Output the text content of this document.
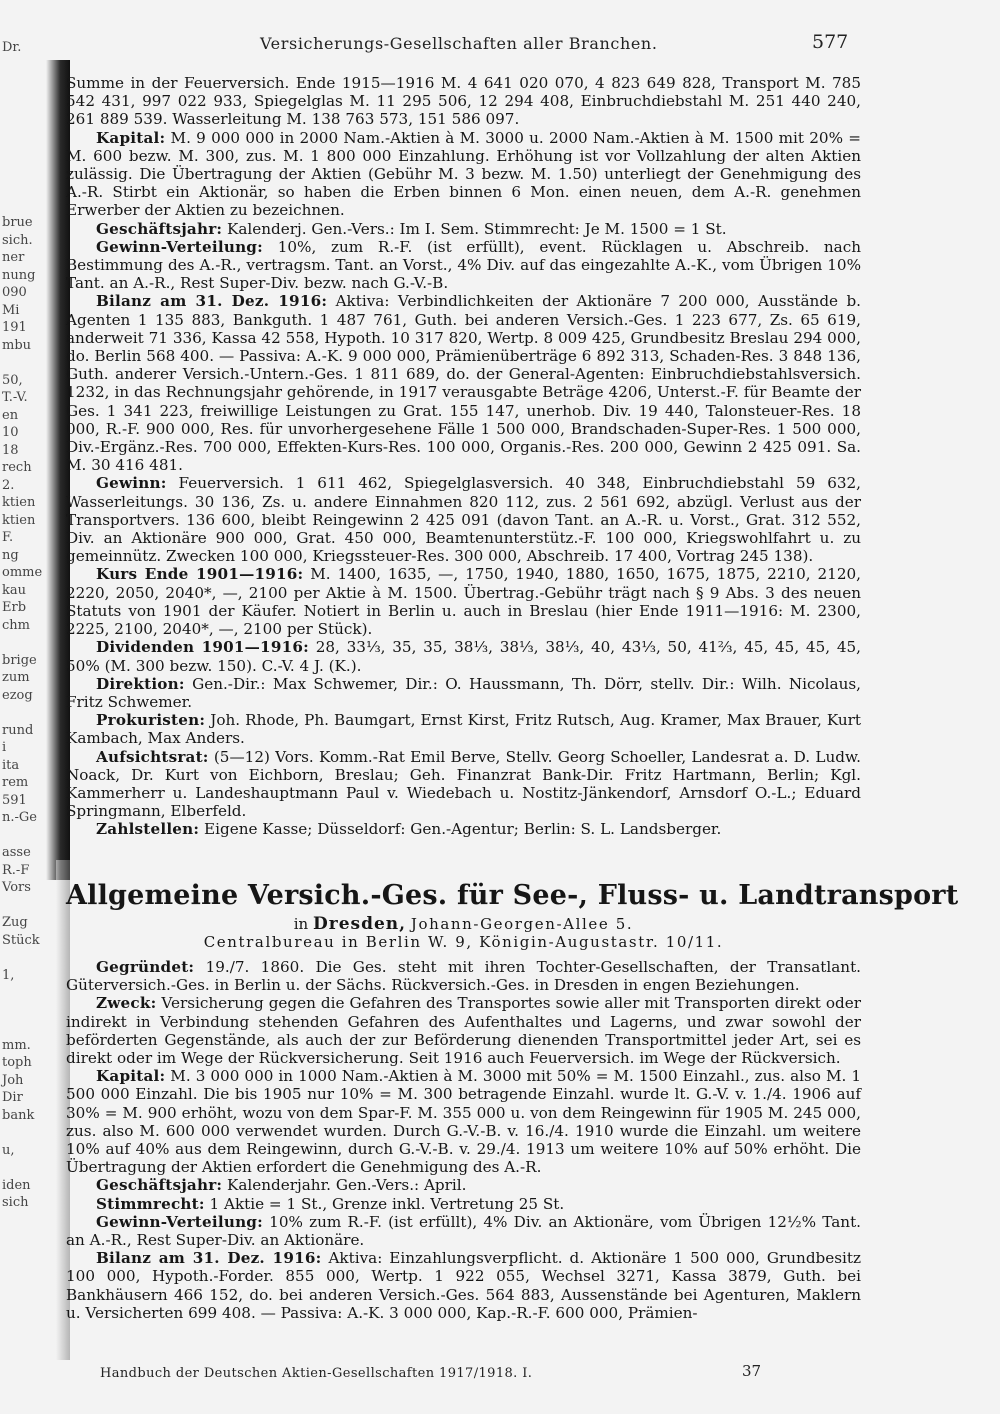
Dr.
brue
sich.
ner
nung
090
Mi
191
mbu
50,
T.-V.
en
10
18
rech
2.
ktien
ktien
F.
ng
omme
kau
Erb
chm
brige
zum
ezog
rund
i
ita
rem
591
n.-Ge
asse
R.-F
Vors
Zug
Stück
1,
mm.
toph
Joh
Dir
bank
u,
iden
sich
Versicherungs-Gesellschaften aller Branchen.	577

Summe in der Feuerversich. Ende 1915—1916 M. 4 641 020 070, 4 823 649 828, Transport M. 785 542 431, 997 022 933, Spiegelglas M. 11 295 506, 12 294 408, Einbruchdiebstahl M. 251 440 240, 261 889 539. Wasserleitung M. 138 763 573, 151 586 097.

Kapital: M. 9 000 000 in 2000 Nam.-Aktien à M. 3000 u. 2000 Nam.-Aktien à M. 1500 mit 20% = M. 600 bezw. M. 300, zus. M. 1 800 000 Einzahlung. Erhöhung ist vor Vollzahlung der alten Aktien zulässig. Die Übertragung der Aktien (Gebühr M. 3 bezw. M. 1.50) unterliegt der Genehmigung des A.-R. Stirbt ein Aktionär, so haben die Erben binnen 6 Mon. einen neuen, dem A.-R. genehmen Erwerber der Aktien zu bezeichnen.

Geschäftsjahr: Kalenderj. Gen.-Vers.: Im I. Sem. Stimmrecht: Je M. 1500 = 1 St.

Gewinn-Verteilung: 10%, zum R.-F. (ist erfüllt), event. Rücklagen u. Abschreib. nach Bestimmung des A.-R., vertragsm. Tant. an Vorst., 4% Div. auf das eingezahlte A.-K., vom Übrigen 10% Tant. an A.-R., Rest Super-Div. bezw. nach G.-V.-B.

Bilanz am 31. Dez. 1916: Aktiva: Verbindlichkeiten der Aktionäre 7 200 000, Ausstände b. Agenten 1 135 883, Bankguth. 1 487 761, Guth. bei anderen Versich.-Ges. 1 223 677, Zs. 65 619, anderweit 71 336, Kassa 42 558, Hypoth. 10 317 820, Wertp. 8 009 425, Grundbesitz Breslau 294 000, do. Berlin 568 400. — Passiva: A.-K. 9 000 000, Prämienüberträge 6 892 313, Schaden-Res. 3 848 136, Guth. anderer Versich.-Untern.-Ges. 1 811 689, do. der General-Agenten: Einbruchdiebstahlsversich. 1232, in das Rechnungsjahr gehörende, in 1917 verausgabte Beträge 4206, Unterst.-F. für Beamte der Ges. 1 341 223, freiwillige Leistungen zu Grat. 155 147, unerhob. Div. 19 440, Talonsteuer-Res. 18 000, R.-F. 900 000, Res. für unvorhergesehene Fälle 1 500 000, Brandschaden-Super-Res. 1 500 000, Div.-Ergänz.-Res. 700 000, Effekten-Kurs-Res. 100 000, Organis.-Res. 200 000, Gewinn 2 425 091. Sa. M. 30 416 481.

Gewinn: Feuerversich. 1 611 462, Spiegelglasversich. 40 348, Einbruchdiebstahl 59 632, Wasserleitungs. 30 136, Zs. u. andere Einnahmen 820 112, zus. 2 561 692, abzügl. Verlust aus der Transportvers. 136 600, bleibt Reingewinn 2 425 091 (davon Tant. an A.-R. u. Vorst., Grat. 312 552, Div. an Aktionäre 900 000, Grat. 450 000, Beamtenunterstütz.-F. 100 000, Kriegswohlfahrt u. zu gemeinnütz. Zwecken 100 000, Kriegssteuer-Res. 300 000, Abschreib. 17 400, Vortrag 245 138).

Kurs Ende 1901—1916: M. 1400, 1635, —, 1750, 1940, 1880, 1650, 1675, 1875, 2210, 2120, 2220, 2050, 2040*, —, 2100 per Aktie à M. 1500. Übertrag.-Gebühr trägt nach § 9 Abs. 3 des neuen Statuts von 1901 der Käufer. Notiert in Berlin u. auch in Breslau (hier Ende 1911—1916: M. 2300, 2225, 2100, 2040*, —, 2100 per Stück).

Dividenden 1901—1916: 28, 33⅓, 35, 35, 38⅓, 38⅓, 38⅓, 40, 43⅓, 50, 41⅔, 45, 45, 45, 45, 50% (M. 300 bezw. 150). C.-V. 4 J. (K.).

Direktion: Gen.-Dir.: Max Schwemer, Dir.: O. Haussmann, Th. Dörr, stellv. Dir.: Wilh. Nicolaus, Fritz Schwemer.

Prokuristen: Joh. Rhode, Ph. Baumgart, Ernst Kirst, Fritz Rutsch, Aug. Kramer, Max Brauer, Kurt Kambach, Max Anders.

Aufsichtsrat: (5—12) Vors. Komm.-Rat Emil Berve, Stellv. Georg Schoeller, Landesrat a. D. Ludw. Noack, Dr. Kurt von Eichborn, Breslau; Geh. Finanzrat Bank-Dir. Fritz Hartmann, Berlin; Kgl. Kammerherr u. Landeshauptmann Paul v. Wiedebach u. Nostitz-Jänkendorf, Arnsdorf O.-L.; Eduard Springmann, Elberfeld.

Zahlstellen: Eigene Kasse; Düsseldorf: Gen.-Agentur; Berlin: S. L. Landsberger.

Allgemeine Versich.-Ges. für See-, Fluss- u. Landtransport
in Dresden, Johann-Georgen-Allee 5.
Centralbureau in Berlin W. 9, Königin-Augustastr. 10/11.

Gegründet: 19./7. 1860. Die Ges. steht mit ihren Tochter-Gesellschaften, der Transatlant. Güterversich.-Ges. in Berlin u. der Sächs. Rückversich.-Ges. in Dresden in engen Beziehungen.

Zweck: Versicherung gegen die Gefahren des Transportes sowie aller mit Transporten direkt oder indirekt in Verbindung stehenden Gefahren des Aufenthaltes und Lagerns, und zwar sowohl der beförderten Gegenstände, als auch der zur Beförderung dienenden Transportmittel jeder Art, sei es direkt oder im Wege der Rückversicherung. Seit 1916 auch Feuerversich. im Wege der Rückversich.

Kapital: M. 3 000 000 in 1000 Nam.-Aktien à M. 3000 mit 50% = M. 1500 Einzahl., zus. also M. 1 500 000 Einzahl. Die bis 1905 nur 10% = M. 300 betragende Einzahl. wurde lt. G.-V. v. 1./4. 1906 auf 30% = M. 900 erhöht, wozu von dem Spar-F. M. 355 000 u. von dem Reingewinn für 1905 M. 245 000, zus. also M. 600 000 verwendet wurden. Durch G.-V.-B. v. 16./4. 1910 wurde die Einzahl. um weitere 10% auf 40% aus dem Reingewinn, durch G.-V.-B. v. 29./4. 1913 um weitere 10% auf 50% erhöht. Die Übertragung der Aktien erfordert die Genehmigung des A.-R.

Geschäftsjahr: Kalenderjahr. Gen.-Vers.: April.

Stimmrecht: 1 Aktie = 1 St., Grenze inkl. Vertretung 25 St.

Gewinn-Verteilung: 10% zum R.-F. (ist erfüllt), 4% Div. an Aktionäre, vom Übrigen 12½% Tant. an A.-R., Rest Super-Div. an Aktionäre.

Bilanz am 31. Dez. 1916: Aktiva: Einzahlungsverpflicht. d. Aktionäre 1 500 000, Grundbesitz 100 000, Hypoth.-Forder. 855 000, Wertp. 1 922 055, Wechsel 3271, Kassa 3879, Guth. bei Bankhäusern 466 152, do. bei anderen Versich.-Ges. 564 883, Aussenstände bei Agenturen, Maklern u. Versicherten 699 408. — Passiva: A.-K. 3 000 000, Kap.-R.-F. 600 000, Prämien-

Handbuch der Deutschen Aktien-Gesellschaften 1917/1918. I.	37
